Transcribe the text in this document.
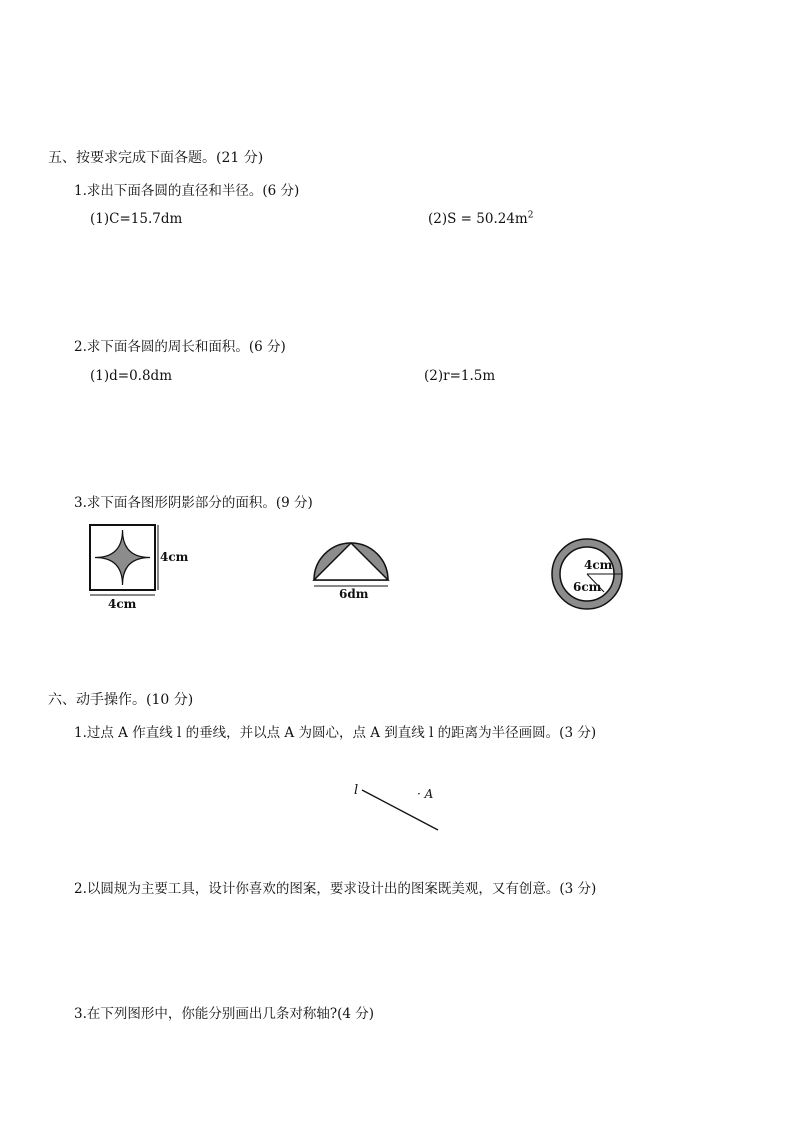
五、按要求完成下面各题。(21 分)
1.求出下面各圆的直径和半径。(6 分)
(1)C=15.7dm	$(2)S = 50.24m^2$
2.求下面各圆的周长和面积。(6 分)
(1)d=0.8dm	(2)r=1.5m
3.求下面各图形阴影部分的面积。(9 分)
4cm
4cm
6dm
4cm
6cm
六、动手操作。(10 分)
1.过点 A 作直线 l 的垂线，并以点 A 为圆心，点 A 到直线 l 的距离为半径画圆。(3 分)
l	· A
2.以圆规为主要工具，设计你喜欢的图案，要求设计出的图案既美观，又有创意。(3 分)
3.在下列图形中，你能分别画出几条对称轴?(4 分)
